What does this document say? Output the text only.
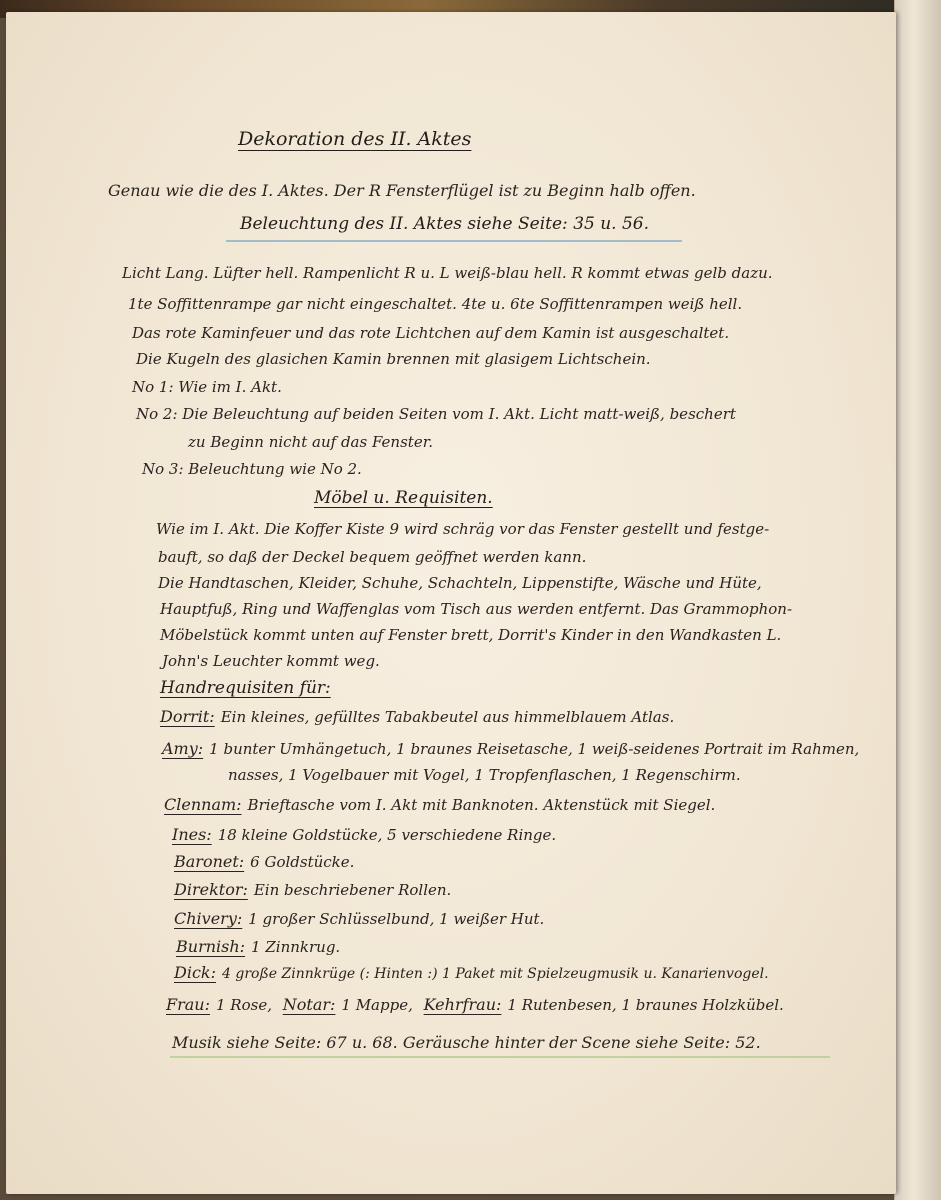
Dekoration des II. Aktes
Genau wie die des I. Aktes. Der R Fensterflügel ist zu Beginn halb offen.
Beleuchtung des II. Aktes siehe Seite: 35 u. 56.
Licht Lang. Lüfter hell. Rampenlicht R u. L weiß-blau hell. R kommt etwas gelb dazu.
1te Soffittenrampe gar nicht eingeschaltet. 4te u. 6te Soffittenrampen weiß hell.
Das rote Kaminfeuer und das rote Lichtchen auf dem Kamin ist ausgeschaltet.
Die Kugeln des glasichen Kamin brennen mit glasigem Lichtschein.
No 1: Wie im I. Akt.
No 2: Die Beleuchtung auf beiden Seiten vom I. Akt. Licht matt-weiß, beschert
zu Beginn nicht auf das Fenster.
No 3: Beleuchtung wie No 2.
Möbel u. Requisiten.
Wie im I. Akt. Die Koffer Kiste 9 wird schräg vor das Fenster gestellt und festge-
bauft, so daß der Deckel bequem geöffnet werden kann.
Die Handtaschen, Kleider, Schuhe, Schachteln, Lippenstifte, Wäsche und Hüte,
Hauptfuß, Ring und Waffenglas vom Tisch aus werden entfernt. Das Grammophon-
Möbelstück kommt unten auf Fenster brett, Dorrit's Kinder in den Wandkasten L.
John's Leuchter kommt weg.
Handrequisiten für:
Dorrit: Ein kleines, gefülltes Tabakbeutel aus himmelblauem Atlas.
Amy: 1 bunter Umhängetuch, 1 braunes Reisetasche, 1 weiß-seidenes Portrait im Rahmen,
nasses, 1 Vogelbauer mit Vogel, 1 Tropfenflaschen, 1 Regenschirm.
Clennam: Brieftasche vom I. Akt mit Banknoten. Aktenstück mit Siegel.
Ines: 18 kleine Goldstücke, 5 verschiedene Ringe.
Baronet: 6 Goldstücke.
Direktor: Ein beschriebener Rollen.
Chivery: 1 großer Schlüsselbund, 1 weißer Hut.
Burnish: 1 Zinnkrug.
Dick: 4 große Zinnkrüge (: Hinten :) 1 Paket mit Spielzeugmusik u. Kanarienvogel.
Frau: 1 Rose, Notar: 1 Mappe, Kehrfrau: 1 Rutenbesen, 1 braunes Holzkübel.
Musik siehe Seite: 67 u. 68. Geräusche hinter der Scene siehe Seite: 52.
